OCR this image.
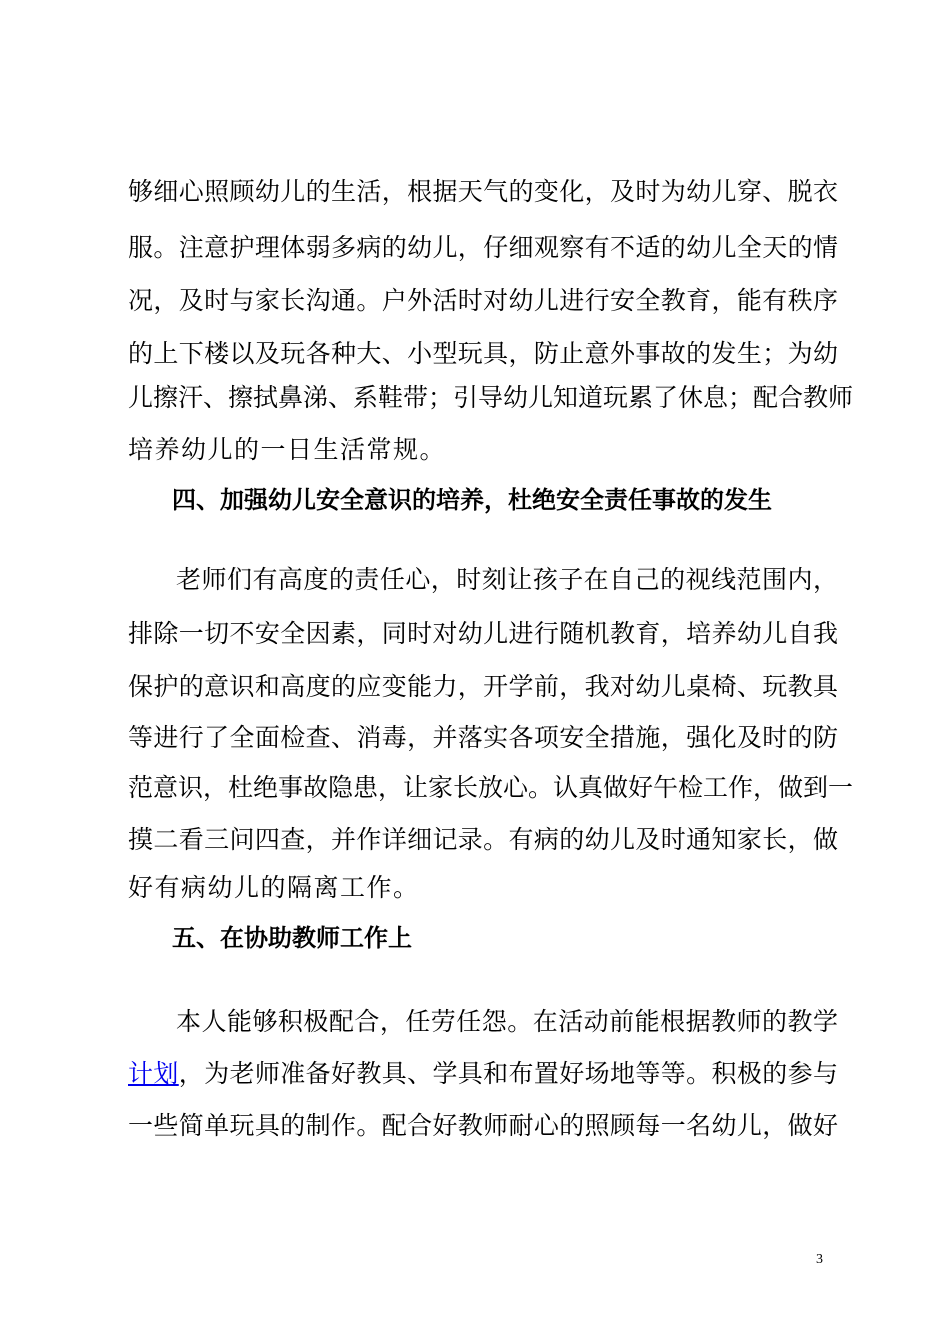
够细心照顾幼儿的生活，根据天气的变化，及时为幼儿穿、脱衣
服。注意护理体弱多病的幼儿，仔细观察有不适的幼儿全天的情
况，及时与家长沟通。户外活时对幼儿进行安全教育，能有秩序
的上下楼以及玩各种大、小型玩具，防止意外事故的发生；为幼
儿擦汗、擦拭鼻涕、系鞋带；引导幼儿知道玩累了休息；配合教师
培养幼儿的一日生活常规。
四、加强幼儿安全意识的培养，杜绝安全责任事故的发生
老师们有高度的责任心，时刻让孩子在自己的视线范围内，
排除一切不安全因素，同时对幼儿进行随机教育，培养幼儿自我
保护的意识和高度的应变能力，开学前，我对幼儿桌椅、玩教具
等进行了全面检查、消毒，并落实各项安全措施，强化及时的防
范意识，杜绝事故隐患，让家长放心。认真做好午检工作，做到一
摸二看三问四查，并作详细记录。有病的幼儿及时通知家长，做
好有病幼儿的隔离工作。
五、在协助教师工作上
本人能够积极配合，任劳任怨。在活动前能根据教师的教学
计划，为老师准备好教具、学具和布置好场地等等。积极的参与
一些简单玩具的制作。配合好教师耐心的照顾每一名幼儿，做好
3
